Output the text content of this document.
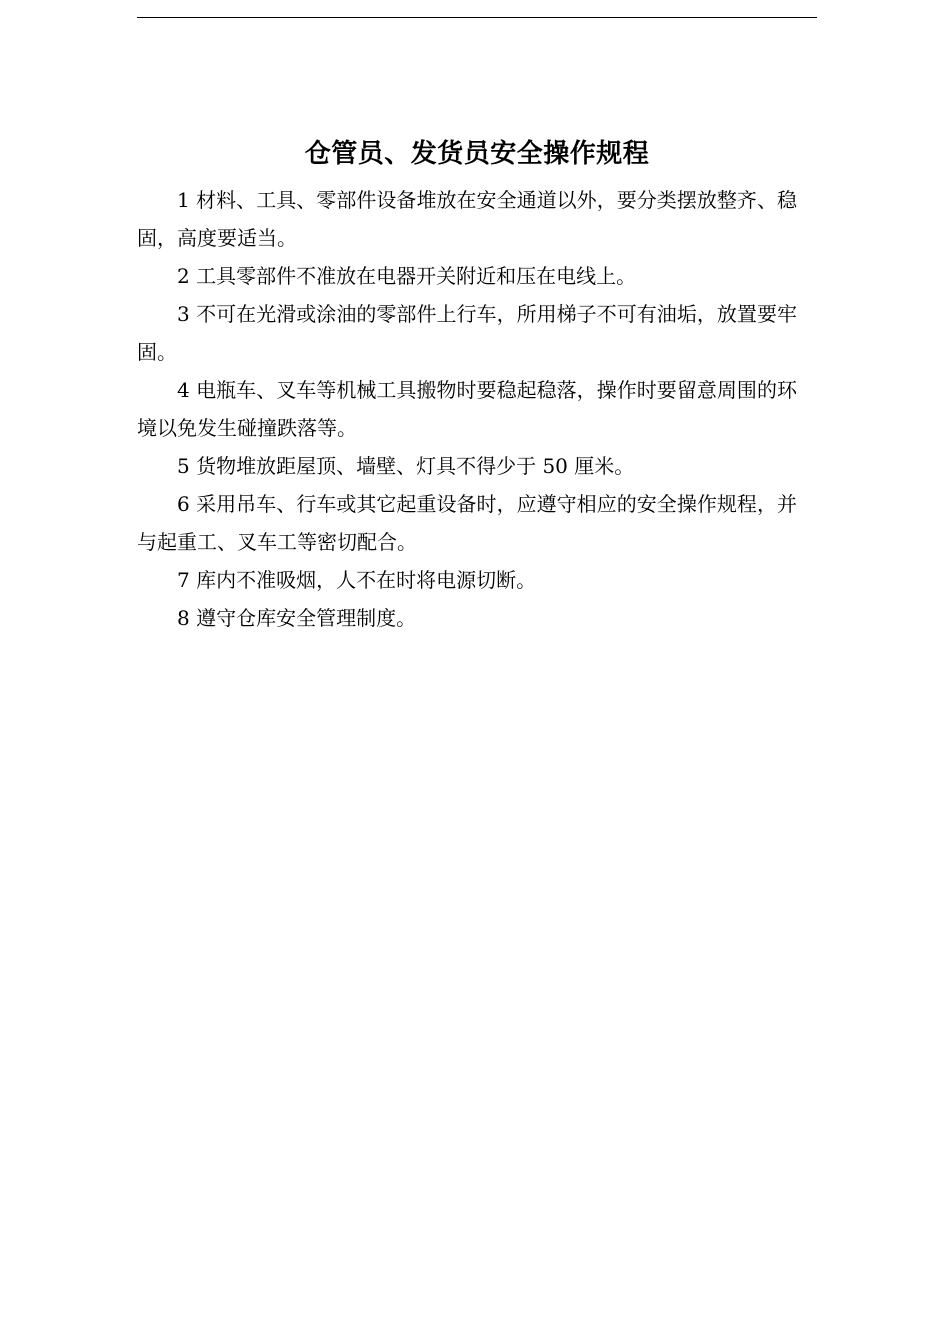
仓管员、发货员安全操作规程

1 材料、工具、零部件设备堆放在安全通道以外，要分类摆放整齐、稳固，高度要适当。

2 工具零部件不准放在电器开关附近和压在电线上。

3 不可在光滑或涂油的零部件上行车，所用梯子不可有油垢，放置要牢固。

4 电瓶车、叉车等机械工具搬物时要稳起稳落，操作时要留意周围的环境以免发生碰撞跌落等。

5 货物堆放距屋顶、墙壁、灯具不得少于 50 厘米。

6 采用吊车、行车或其它起重设备时，应遵守相应的安全操作规程，并与起重工、叉车工等密切配合。

7 库内不准吸烟，人不在时将电源切断。

8 遵守仓库安全管理制度。
